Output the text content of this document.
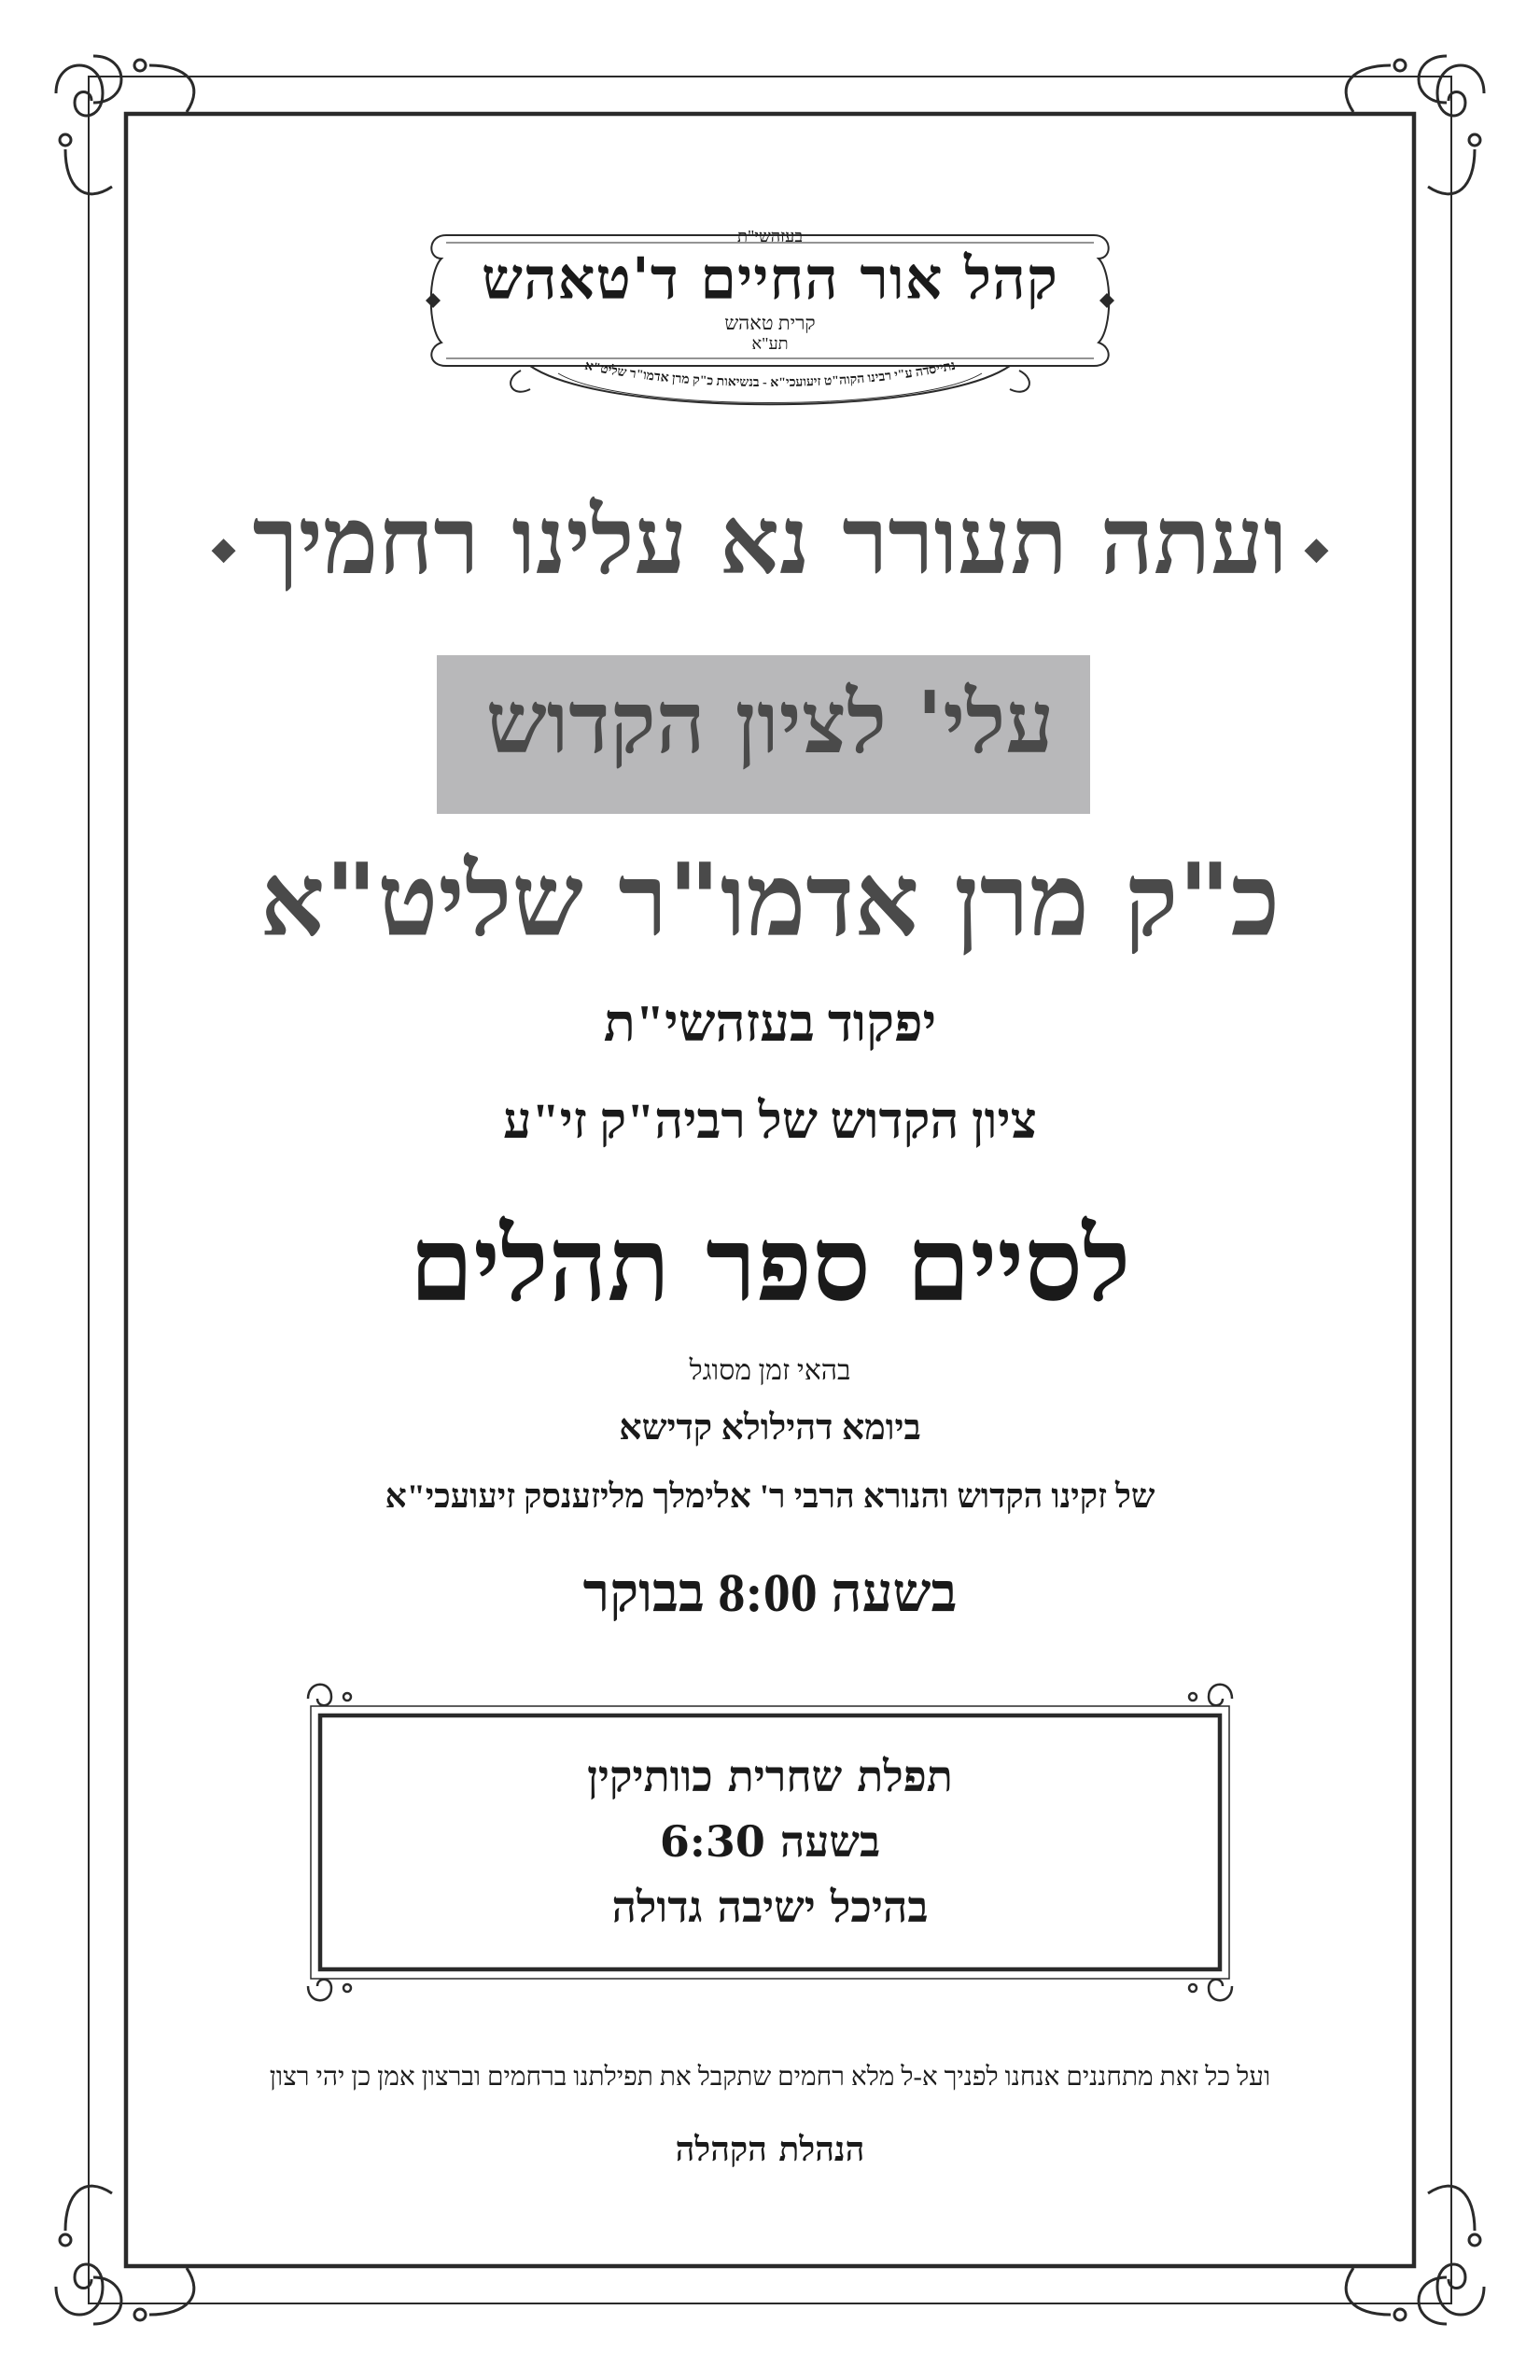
בעזהשי"ת
קהל אור החיים ד'טאהש
קרית טאהש
תע"א
נתייסדה ע"י רבינו הקוה"ט זיעועכי"א - בנשיאות כ"ק מרן אדמו"ר שליט"א
◆ועתה תעורר נא עלינו רחמיך◆
עלי' לציון הקדוש
כ"ק מרן אדמו"ר שליט"א
יפקוד בעזהשי"ת
ציון הקדוש של רביה"ק זי"ע
לסיים ספר תהלים
בהאי זמן מסוגל
ביומא דהילולא קדישא
של זקינו הקדוש והנורא הרבי ר' אלימלך מליזענסק זיעועכי"א
בשעה 8:00 בבוקר
תפלת שחרית כוותיקין
בשעה 6:30
בהיכל ישיבה גדולה
ועל כל זאת מתחננים אנחנו לפניך א-ל מלא רחמים שתקבל את תפילתנו ברחמים וברצון אמן כן יהי רצון
הנהלת הקהלה
